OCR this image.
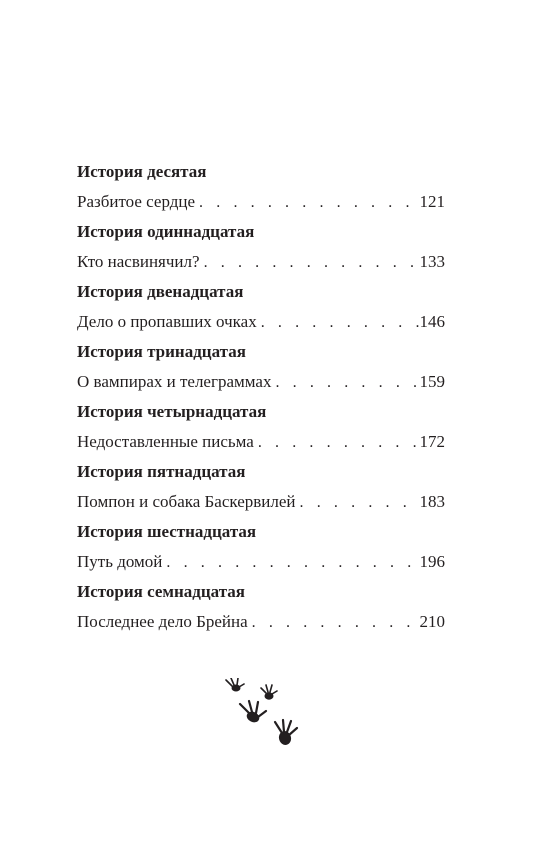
История десятая
Разбитое сердце . . .	121
История одиннадцатая
Кто насвинячил? . . .	133
История двенадцатая
Дело о пропавших очках . . .	146
История тринадцатая
О вампирах и телеграммах . . .	159
История четырнадцатая
Недоставленные письма . . .	172
История пятнадцатая
Помпон и собака Баскервилей . . .	183
История шестнадцатая
Путь домой . . .	196
История семнадцатая
Последнее дело Брейна . . .	210
